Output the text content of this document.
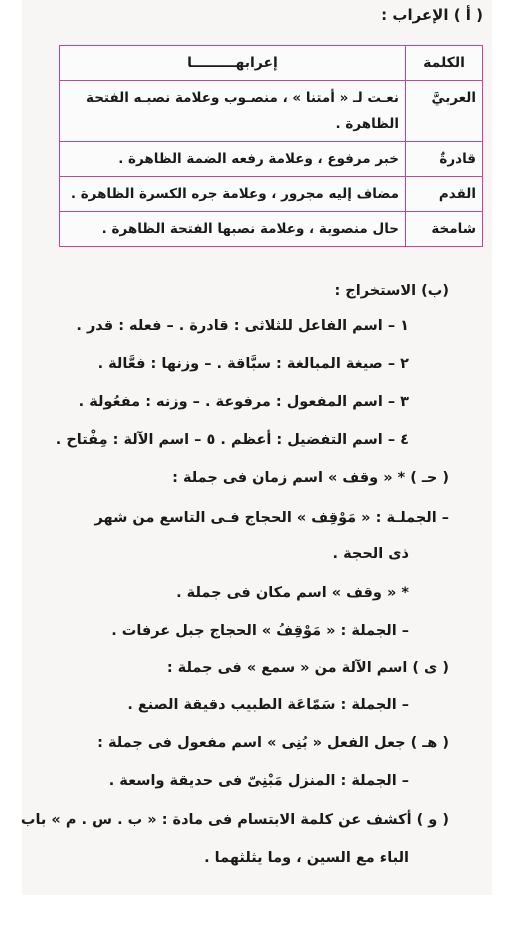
( أ ) الإعراب :
الكلمة	إعرابهـــــــــا
العربيَّ	نعـت لـ « أمتنا » ، منصـوب وعلامة نصبـه الفتحة الظاهرة .
قادرةٌ	خبر مرفوع ، وعلامة رفعه الضمة الظاهرة .
القدم	مضاف إليه مجرور ، وعلامة جره الكسرة الظاهرة .
شامخة	حال منصوبة ، وعلامة نصبها الفتحة الظاهرة .
(ب) الاستخراج :
١ – اسم الفاعل للثلاثى : قادرة . – فعله : قدر .
٢ – صيغة المبالغة : سبَّاقة . – وزنها : فعَّالة .
٣ – اسم المفعول : مرفوعة . – وزنه : مفعُولة .
٤ – اسم التفضيل : أعظم . ٥ – اسم الآلة : مِفْتاح .
( حـ ) * « وقف » اسم زمان فى جملة :
– الجملـة : « مَوْقِف » الحجاج فـى التاسع من شهر
ذى الحجة .
* « وقف » اسم مكان فى جملة .
– الجملة : « مَوْقِفُ » الحجاج جبل عرفات .
( ى ) اسم الآلة من « سمع » فى جملة :
– الجملة : سَمّاعَة الطبيب دقيقة الصنع .
( هـ ) جعل الفعل « بُنِى » اسم مفعول فى جملة :
– الجملة : المنزل مَبْنِىّ فى حديقة واسعة .
( و ) أكشف عن كلمة الابتسام فى مادة : « ب . س . م » باب
الباء مع السين ، وما يثلثهما .
